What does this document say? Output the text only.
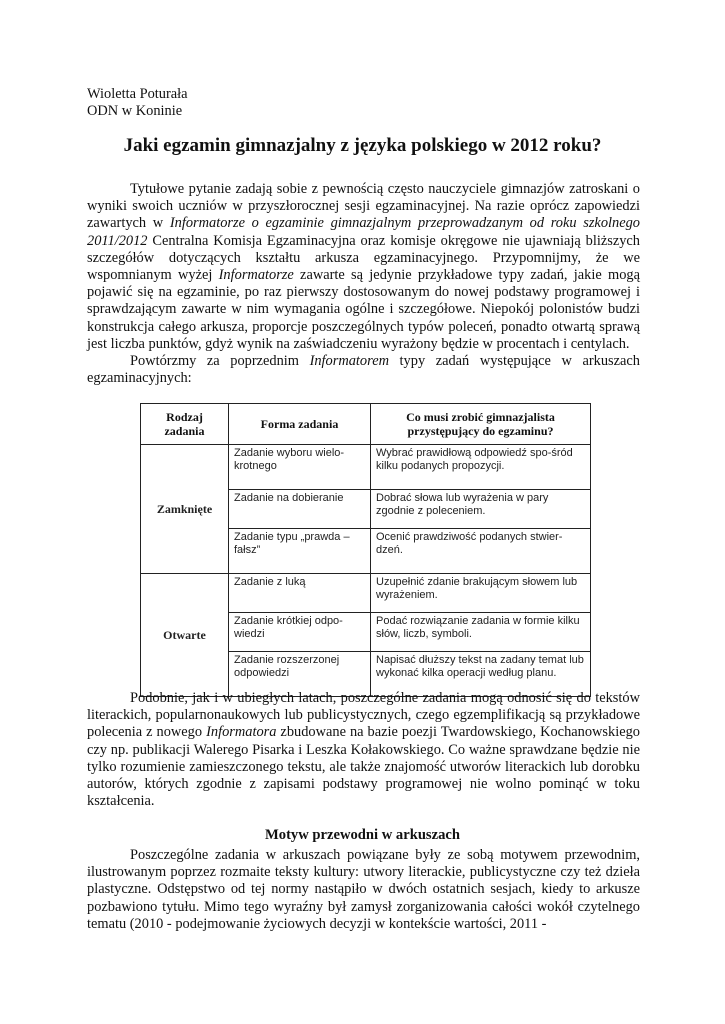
Wioletta Poturała
ODN w Koninie
Jaki egzamin gimnazjalny z języka polskiego w 2012 roku?

Tytułowe pytanie zadają sobie z pewnością często nauczyciele gimnazjów zatroskani o wyniki swoich uczniów w przyszłorocznej sesji egzaminacyjnej. Na razie oprócz zapowiedzi zawartych w Informatorze o egzaminie gimnazjalnym przeprowadzanym od roku szkolnego 2011/2012 Centralna Komisja Egzaminacyjna oraz komisje okręgowe nie ujawniają bliższych szczegółów dotyczących kształtu arkusza egzaminacyjnego. Przypomnijmy, że we wspomnianym wyżej Informatorze zawarte są jedynie przykładowe typy zadań, jakie mogą pojawić się na egzaminie, po raz pierwszy dostosowanym do nowej podstawy programowej i sprawdzającym zawarte w nim wymagania ogólne i szczegółowe. Niepokój polonistów budzi konstrukcja całego arkusza, proporcje poszczególnych typów poleceń, ponadto otwartą sprawą jest liczba punktów, gdyż wynik na zaświadczeniu wyrażony będzie w procentach i centylach.

Powtórzmy za poprzednim Informatorem typy zadań występujące w arkuszach egzaminacyjnych:

Rodzaj zadania	Forma zadania	Co musi zrobić gimnazjalista przystępujący do egzaminu?
Zamknięte	Zadanie wyboru wielo-krotnego	Wybrać prawidłową odpowiedź spo-śród kilku podanych propozycji.
	Zadanie na dobieranie	Dobrać słowa lub wyrażenia w pary zgodnie z poleceniem.
	Zadanie typu „prawda – fałsz”	Ocenić prawdziwość podanych stwier-dzeń.
Otwarte	Zadanie z luką	Uzupełnić zdanie brakującym słowem lub wyrażeniem.
	Zadanie krótkiej odpo-wiedzi	Podać rozwiązanie zadania w formie kilku słów, liczb, symboli.
	Zadanie rozszerzonej odpowiedzi	Napisać dłuższy tekst na zadany temat lub wykonać kilka operacji według planu.

Podobnie, jak i w ubiegłych latach, poszczególne zadania mogą odnosić się do tekstów literackich, popularnonaukowych lub publicystycznych, czego egzemplifikacją są przykładowe polecenia z nowego Informatora zbudowane na bazie poezji Twardowskiego, Kochanowskiego czy np. publikacji Walerego Pisarka i Leszka Kołakowskiego. Co ważne sprawdzane będzie nie tylko rozumienie zamieszczonego tekstu, ale także znajomość utworów literackich lub dorobku autorów, których zgodnie z zapisami podstawy programowej nie wolno pominąć w toku kształcenia.

Motyw przewodni w arkuszach

Poszczególne zadania w arkuszach powiązane były ze sobą motywem przewodnim, ilustrowanym poprzez rozmaite teksty kultury: utwory literackie, publicystyczne czy też dzieła plastyczne. Odstępstwo od tej normy nastąpiło w dwóch ostatnich sesjach, kiedy to arkusze pozbawiono tytułu. Mimo tego wyraźny był zamysł zorganizowania całości wokół czytelnego tematu (2010 - podejmowanie życiowych decyzji w kontekście wartości, 2011 -
